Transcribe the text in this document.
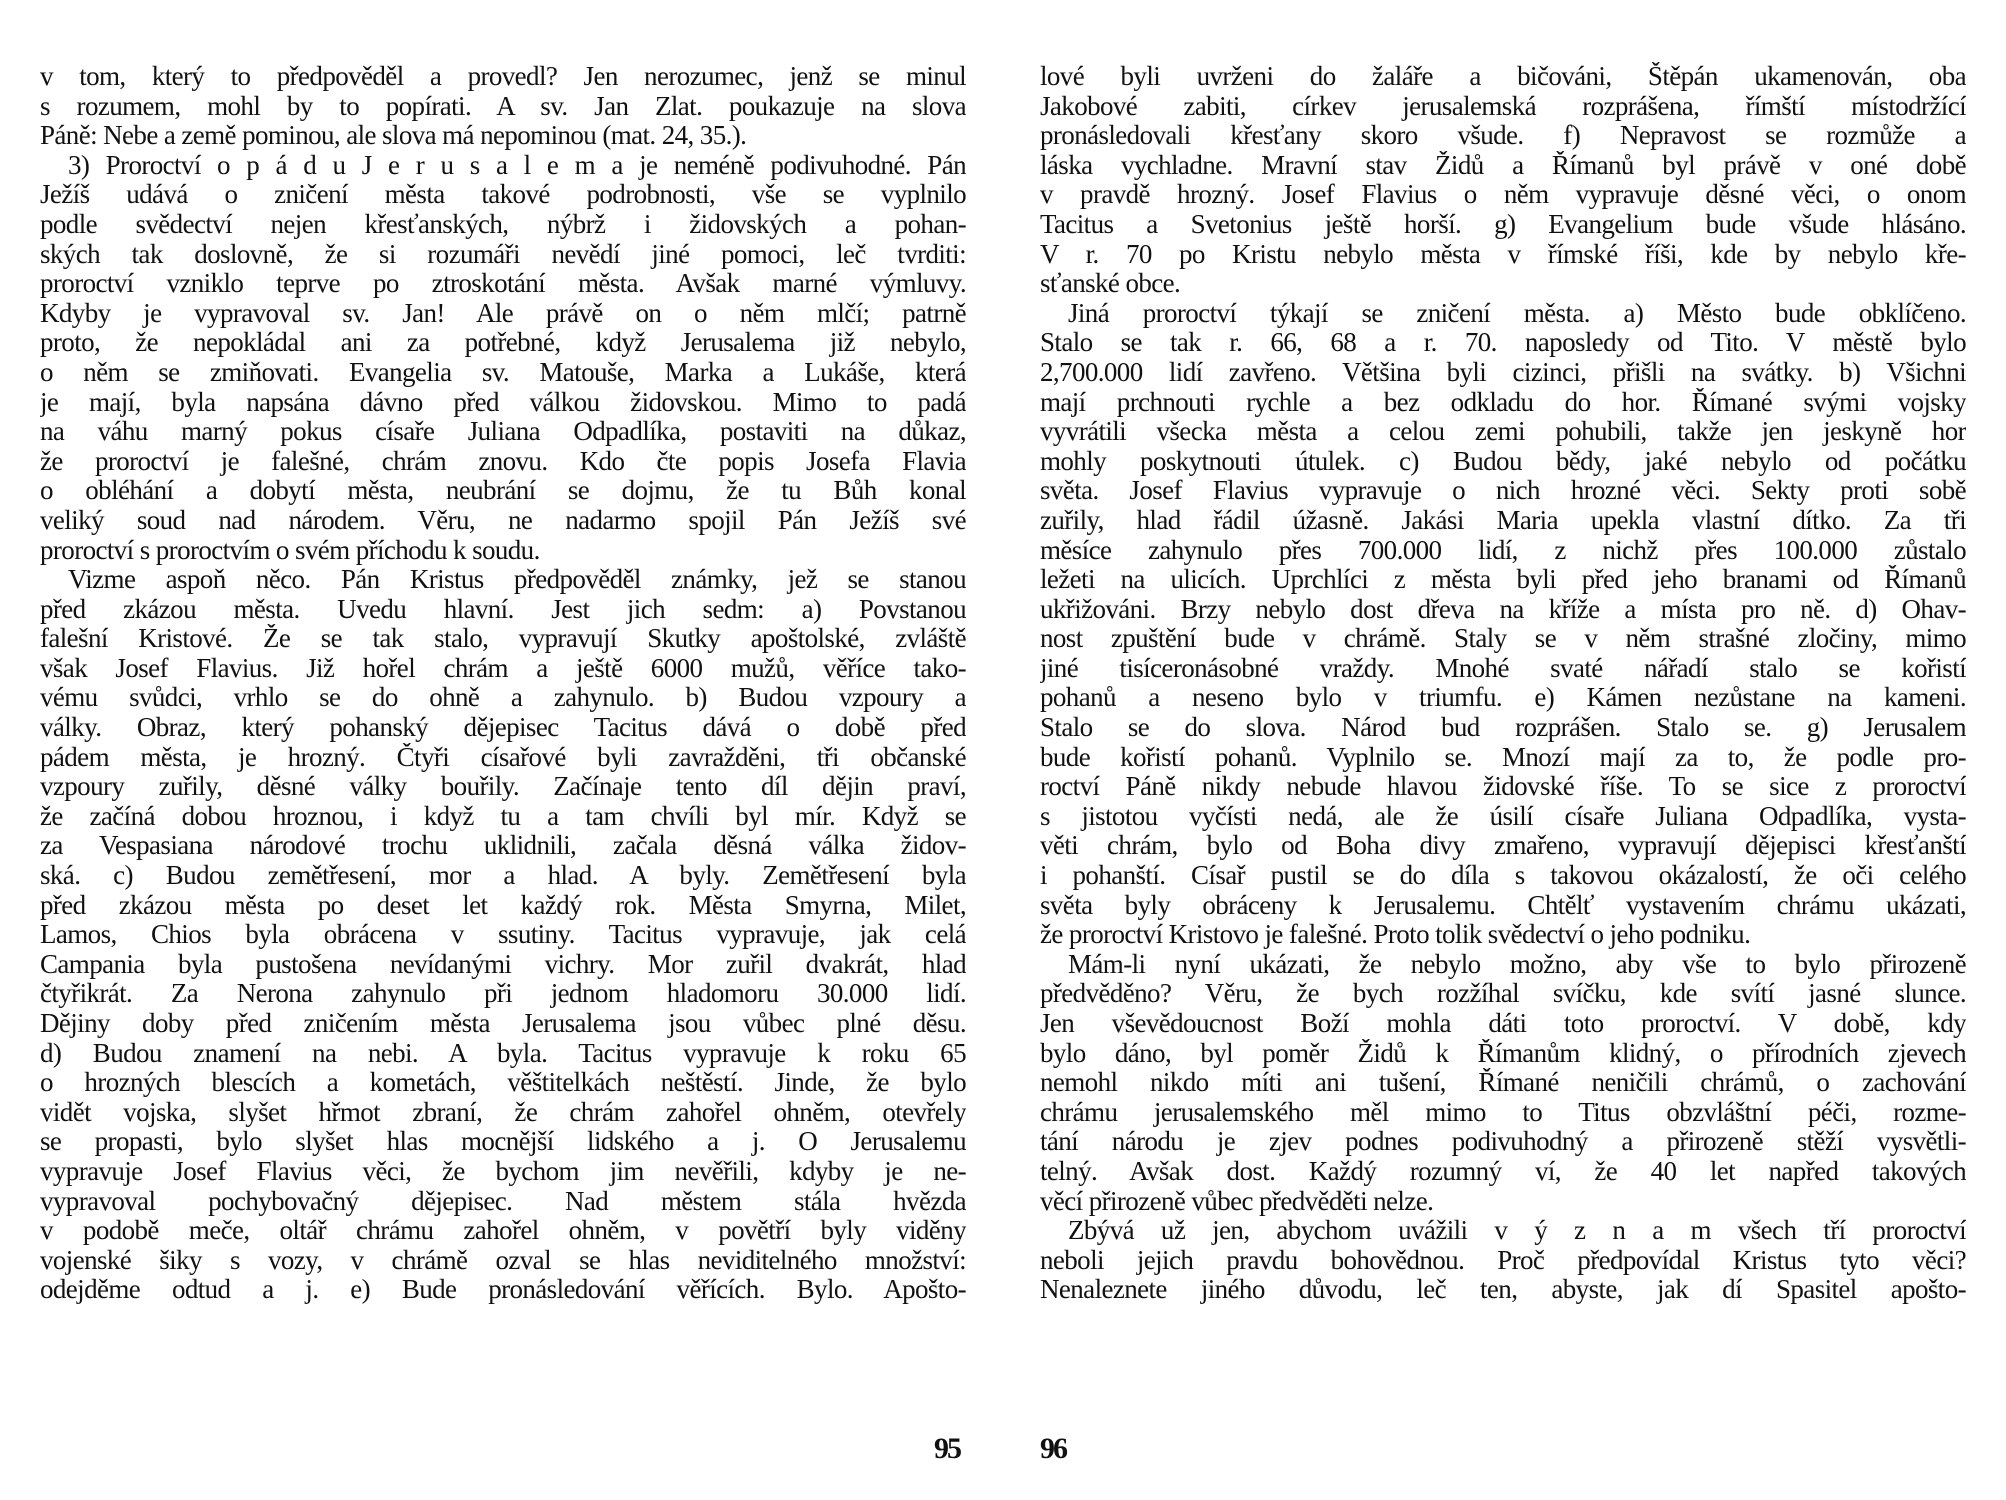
v tom, který to předpověděl a provedl? Jen nerozumec, jenž se minul
s rozumem, mohl by to popírati. A sv. Jan Zlat. poukazuje na slova
Páně: Nebe a země pominou, ale slova má nepominou (mat. 24, 35.).
3) Proroctví o p á d u J e r u s a l e m a je neméně podivuhodné. Pán
Ježíš udává o zničení města takové podrobnosti, vše se vyplnilo
podle svědectví nejen křesťanských, nýbrž i židovských a pohan-
ských tak doslovně, že si rozumáři nevědí jiné pomoci, leč tvrditi:
proroctví vzniklo teprve po ztroskotání města. Avšak marné výmluvy.
Kdyby je vypravoval sv. Jan! Ale právě on o něm mlčí; patrně
proto, že nepokládal ani za potřebné, když Jerusalema již nebylo,
o něm se zmiňovati. Evangelia sv. Matouše, Marka a Lukáše, která
je mají, byla napsána dávno před válkou židovskou. Mimo to padá
na váhu marný pokus císaře Juliana Odpadlíka, postaviti na důkaz,
že proroctví je falešné, chrám znovu. Kdo čte popis Josefa Flavia
o obléhání a dobytí města, neubrání se dojmu, že tu Bůh konal
veliký soud nad národem. Věru, ne nadarmo spojil Pán Ježíš své
proroctví s proroctvím o svém příchodu k soudu.
Vizme aspoň něco. Pán Kristus předpověděl známky, jež se stanou
před zkázou města. Uvedu hlavní. Jest jich sedm: a) Povstanou
falešní Kristové. Že se tak stalo, vypravují Skutky apoštolské, zvláště
však Josef Flavius. Již hořel chrám a ještě 6000 mužů, věříce tako-
vému svůdci, vrhlo se do ohně a zahynulo. b) Budou vzpoury a
války. Obraz, který pohanský dějepisec Tacitus dává o době před
pádem města, je hrozný. Čtyři císařové byli zavražděni, tři občanské
vzpoury zuřily, děsné války bouřily. Začínaje tento díl dějin praví,
že začíná dobou hroznou, i když tu a tam chvíli byl mír. Když se
za Vespasiana národové trochu uklidnili, začala děsná válka židov-
ská. c) Budou zemětřesení, mor a hlad. A byly. Zemětřesení byla
před zkázou města po deset let každý rok. Města Smyrna, Milet,
Lamos, Chios byla obrácena v ssutiny. Tacitus vypravuje, jak celá
Campania byla pustošena nevídanými vichry. Mor zuřil dvakrát, hlad
čtyřikrát. Za Nerona zahynulo při jednom hladomoru 30.000 lidí.
Dějiny doby před zničením města Jerusalema jsou vůbec plné děsu.
d) Budou znamení na nebi. A byla. Tacitus vypravuje k roku 65
o hrozných blescích a kometách, věštitelkách neštěstí. Jinde, že bylo
vidět vojska, slyšet hřmot zbraní, že chrám zahořel ohněm, otevřely
se propasti, bylo slyšet hlas mocnější lidského a j. O Jerusalemu
vypravuje Josef Flavius věci, že bychom jim nevěřili, kdyby je ne-
vypravoval pochybovačný dějepisec. Nad městem stála hvězda
v podobě meče, oltář chrámu zahořel ohněm, v povětří byly viděny
vojenské šiky s vozy, v chrámě ozval se hlas neviditelného množství:
odejděme odtud a j. e) Bude pronásledování věřících. Bylo. Apošto-
95
lové byli uvrženi do žaláře a bičováni, Štěpán ukamenován, oba
Jakobové zabiti, církev jerusalemská rozprášena, římští místodržící
pronásledovali křesťany skoro všude. f) Nepravost se rozmůže a
láska vychladne. Mravní stav Židů a Římanů byl právě v oné době
v pravdě hrozný. Josef Flavius o něm vypravuje děsné věci, o onom
Tacitus a Svetonius ještě horší. g) Evangelium bude všude hlásáno.
V r. 70 po Kristu nebylo města v římské říši, kde by nebylo kře-
sťanské obce.
Jiná proroctví týkají se zničení města. a) Město bude obklíčeno.
Stalo se tak r. 66, 68 a r. 70. naposledy od Tito. V městě bylo
2,700.000 lidí zavřeno. Většina byli cizinci, přišli na svátky. b) Všichni
mají prchnouti rychle a bez odkladu do hor. Římané svými vojsky
vyvrátili všecka města a celou zemi pohubili, takže jen jeskyně hor
mohly poskytnouti útulek. c) Budou bědy, jaké nebylo od počátku
světa. Josef Flavius vypravuje o nich hrozné věci. Sekty proti sobě
zuřily, hlad řádil úžasně. Jakási Maria upekla vlastní dítko. Za tři
měsíce zahynulo přes 700.000 lidí, z nichž přes 100.000 zůstalo
ležeti na ulicích. Uprchlíci z města byli před jeho branami od Římanů
ukřižováni. Brzy nebylo dost dřeva na kříže a místa pro ně. d) Ohav-
nost zpuštění bude v chrámě. Staly se v něm strašné zločiny, mimo
jiné tisíceronásobné vraždy. Mnohé svaté nářadí stalo se kořistí
pohanů a neseno bylo v triumfu. e) Kámen nezůstane na kameni.
Stalo se do slova. Národ bud rozprášen. Stalo se. g) Jerusalem
bude kořistí pohanů. Vyplnilo se. Mnozí mají za to, že podle pro-
roctví Páně nikdy nebude hlavou židovské říše. To se sice z proroctví
s jistotou vyčísti nedá, ale že úsilí císaře Juliana Odpadlíka, vysta-
věti chrám, bylo od Boha divy zmařeno, vypravují dějepisci křesťanští
i pohanští. Císař pustil se do díla s takovou okázalostí, že oči celého
světa byly obráceny k Jerusalemu. Chtělť vystavením chrámu ukázati,
že proroctví Kristovo je falešné. Proto tolik svědectví o jeho podniku.
Mám-li nyní ukázati, že nebylo možno, aby vše to bylo přirozeně
předvěděno? Věru, že bych rozžíhal svíčku, kde svítí jasné slunce.
Jen vševědoucnost Boží mohla dáti toto proroctví. V době, kdy
bylo dáno, byl poměr Židů k Římanům klidný, o přírodních zjevech
nemohl nikdo míti ani tušení, Římané neničili chrámů, o zachování
chrámu jerusalemského měl mimo to Titus obzvláštní péči, rozme-
tání národu je zjev podnes podivuhodný a přirozeně stěží vysvětli-
telný. Avšak dost. Každý rozumný ví, že 40 let napřed takových
věcí přirozeně vůbec předvěděti nelze.
Zbývá už jen, abychom uvážili v ý z n a m všech tří proroctví
neboli jejich pravdu bohovědnou. Proč předpovídal Kristus tyto věci?
Nenaleznete jiného důvodu, leč ten, abyste, jak dí Spasitel apošto-
96
